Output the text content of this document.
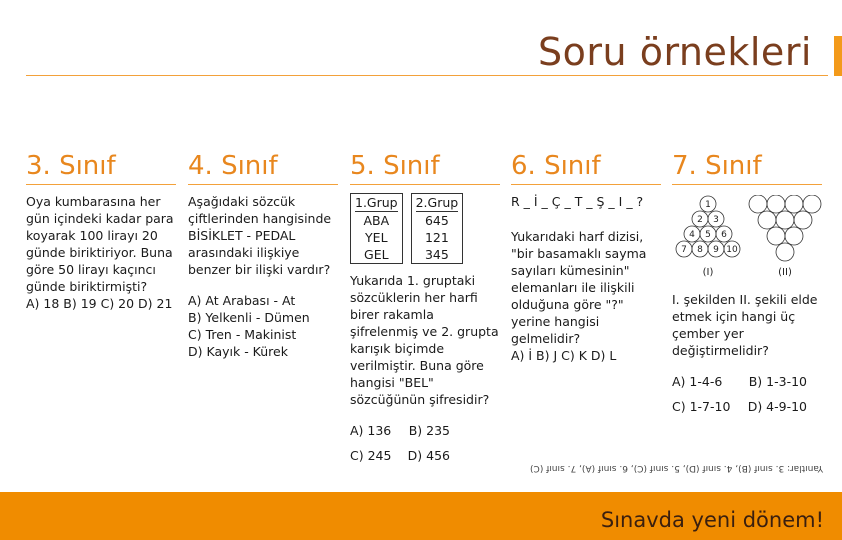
Soru örnekleri
3. Sınıf

Oya kumbarasına her gün içindeki kadar para koyarak 100 lirayı 20 günde biriktiriyor. Buna göre 50 lirayı kaçıncı günde biriktirmişti?

A) 18 B) 19 C) 20 D) 21

4. Sınıf

Aşağıdaki sözcük çiftlerinden hangisinde BİSİKLET - PEDAL arasındaki ilişkiye benzer bir ilişki vardır?

A) At Arabası - At

B) Yelkenli - Dümen

C) Tren - Makinist

D) Kayık - Kürek

5. Sınıf
1.Grup
ABA
YEL
GEL
2.Grup
645
121
345

Yukarıda 1. gruptaki sözcüklerin her harfi birer rakamla şifrelenmiş ve 2. grupta karışık biçimde verilmiştir. Buna göre hangisi "BEL" sözcüğünün şifresidir?

A) 136 B) 235
C) 245 D) 456
6. Sınıf

R _ İ _ Ç _ T _ Ş _ I _ ?

Yukarıdaki harf dizisi, "bir basamaklı sayma sayıları kümesinin" elemanları ile ilişkili olduğuna göre "?" yerine hangisi gelmelidir?

A) İ B) J C) K D) L

7. Sınıf
1
2 3
4 5 6
7 8 9 10
(I)	(II)

I. şekilden II. şekili elde etmek için hangi üç çember yer değiştirmelidir?

A) 1-4-6 B) 1-3-10
C) 1-7-10 D) 4-9-10
Yanıtlar: 3. sınıf (B), 4. sınıf (D), 5. sınıf (C), 6. sınıf (A), 7. sınıf (C)
Sınavda yeni dönem!
